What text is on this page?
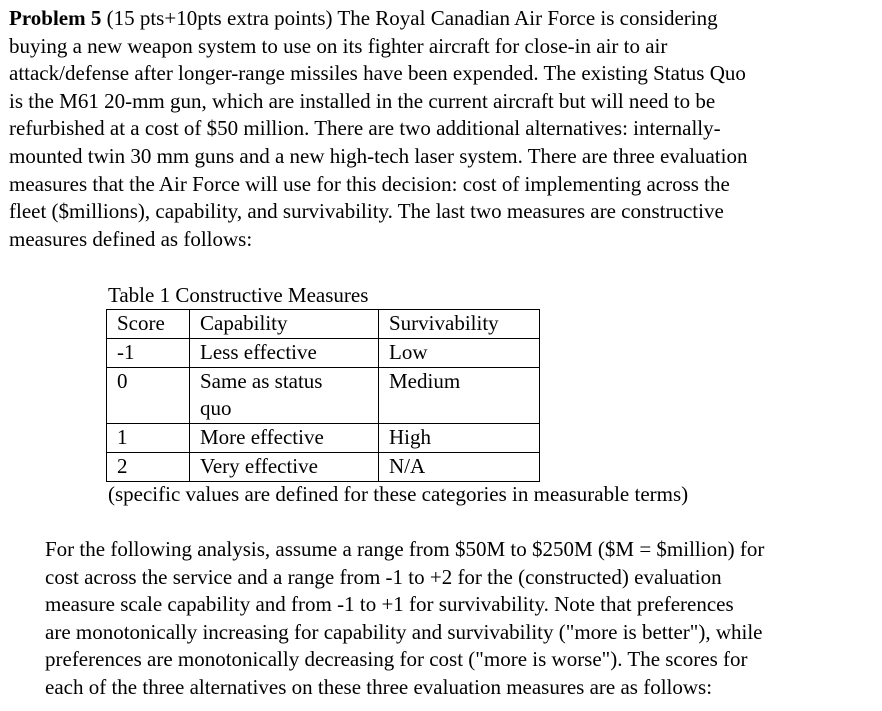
Problem 5 (15 pts+10pts extra points) The Royal Canadian Air Force is considering
buying a new weapon system to use on its fighter aircraft for close-in air to air
attack/defense after longer-range missiles have been expended. The existing Status Quo
is the M61 20-mm gun, which are installed in the current aircraft but will need to be
refurbished at a cost of $50 million. There are two additional alternatives: internally-
mounted twin 30 mm guns and a new high-tech laser system. There are three evaluation
measures that the Air Force will use for this decision: cost of implementing across the
fleet ($millions), capability, and survivability. The last two measures are constructive
measures defined as follows:

Table 1 Constructive Measures

Score	Capability	Survivability
-1	Less effective	Low
0	Same as status quo	Medium
1	More effective	High
2	Very effective	N/A

(specific values are defined for these categories in measurable terms)

For the following analysis, assume a range from $50M to $250M ($M = $million) for
cost across the service and a range from -1 to +2 for the (constructed) evaluation
measure scale capability and from -1 to +1 for survivability. Note that preferences
are monotonically increasing for capability and survivability ("more is better"), while
preferences are monotonically decreasing for cost ("more is worse"). The scores for
each of the three alternatives on these three evaluation measures are as follows:
